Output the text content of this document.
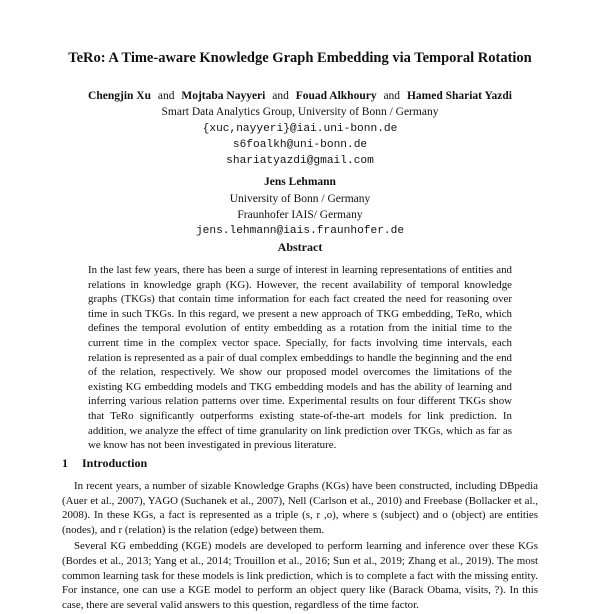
TeRo: A Time-aware Knowledge Graph Embedding via Temporal Rotation
Chengjin Xu and Mojtaba Nayyeri and Fouad Alkhoury and Hamed Shariat Yazdi
Smart Data Analytics Group, University of Bonn / Germany
{xuc,nayyeri}@iai.uni-bonn.de
s6foalkh@uni-bonn.de
shariatyazdi@gmail.com
Jens Lehmann
University of Bonn / Germany
Fraunhofer IAIS/ Germany
jens.lehmann@iais.fraunhofer.de
Abstract
In the last few years, there has been a surge of interest in learning representations of entities and relations in knowledge graph (KG). However, the recent availability of temporal knowledge graphs (TKGs) that contain time information for each fact created the need for reasoning over time in such TKGs. In this regard, we present a new approach of TKG embedding, TeRo, which defines the temporal evolution of entity embedding as a rotation from the initial time to the current time in the complex vector space. Specially, for facts involving time intervals, each relation is represented as a pair of dual complex embeddings to handle the beginning and the end of the relation, respectively. We show our proposed model overcomes the limitations of the existing KG embedding models and TKG embedding models and has the ability of learning and inferring various relation patterns over time. Experimental results on four different TKGs show that TeRo significantly outperforms existing state-of-the-art models for link prediction. In addition, we analyze the effect of time granularity on link prediction over TKGs, which as far as we know has not been investigated in previous literature.
1 Introduction

In recent years, a number of sizable Knowledge Graphs (KGs) have been constructed, including DBpedia (Auer et al., 2007), YAGO (Suchanek et al., 2007), Nell (Carlson et al., 2010) and Freebase (Bollacker et al., 2008). In these KGs, a fact is represented as a triple (s, r ,o), where s (subject) and o (object) are entities (nodes), and r (relation) is the relation (edge) between them.

Several KG embedding (KGE) models are developed to perform learning and inference over these KGs (Bordes et al., 2013; Yang et al., 2014; Trouillon et al., 2016; Sun et al., 2019; Zhang et al., 2019). The most common learning task for these models is link prediction, which is to complete a fact with the missing entity. For instance, one can use a KGE model to perform an object query like (Barack Obama, visits, ?). In this case, there are several valid answers to this question, regardless of the time factor.
